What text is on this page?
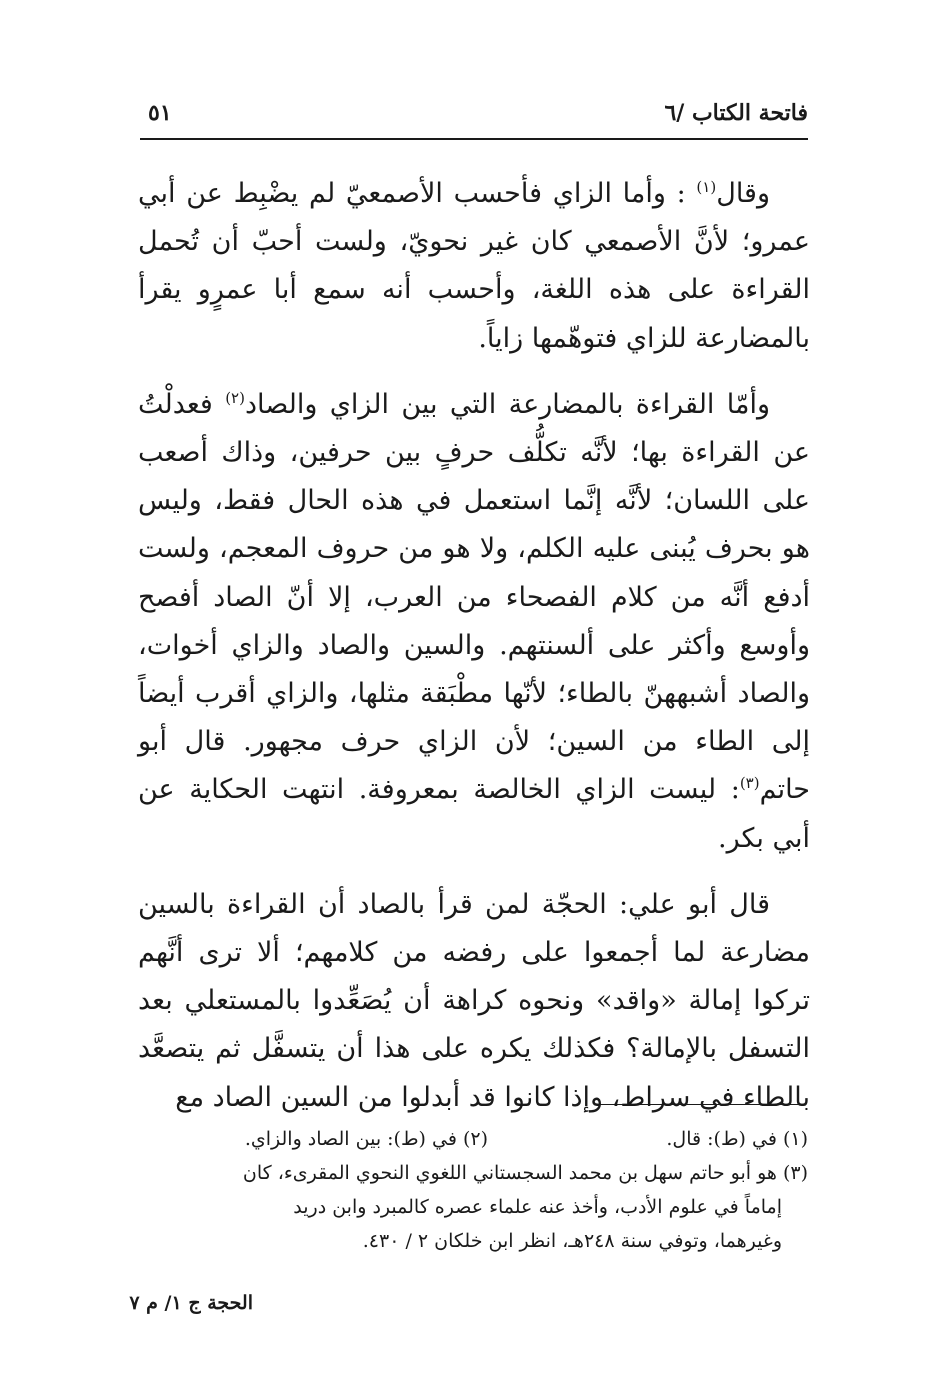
فاتحة الكتاب /٦
٥١

وقال$^{(١)}$ : وأما الزاي فأحسب الأصمعيّ لم يضْبِط عن أبي عمرو؛ لأنَّ الأصمعي كان غير نحويّ، ولست أحبّ أن تُحمل القراءة على هذه اللغة، وأحسب أنه سمع أبا عمرٍو يقرأ بالمضارعة للزاي فتوهّمها زاياً.

وأمّا القراءة بالمضارعة التي بين الزاي والصاد$^{(٢)}$ فعدلْتُ عن القراءة بها؛ لأنَّه تكلُّف حرفٍ بين حرفين، وذاك أصعب على اللسان؛ لأنَّه إنَّما استعمل في هذه الحال فقط، وليس هو بحرف يُبنى عليه الكلم، ولا هو من حروف المعجم، ولست أدفع أنَّه من كلام الفصحاء من العرب، إلا أنّ الصاد أفصح وأوسع وأكثر على ألسنتهم. والسين والصاد والزاي أخوات، والصاد أشبههنّ بالطاء؛ لأنّها مطْبَقة مثلها، والزاي أقرب أيضاً إلى الطاء من السين؛ لأن الزاي حرف مجهور. قال أبو حاتم$^{(٣)}$: ليست الزاي الخالصة بمعروفة. انتهت الحكاية عن أبي بكر.

قال أبو علي: الحجّة لمن قرأ بالصاد أن القراءة بالسين مضارعة لما أجمعوا على رفضه من كلامهم؛ ألا ترى أنَّهم تركوا إمالة «واقد» ونحوه كراهة أن يُصَعِّدوا بالمستعلي بعد التسفل بالإمالة؟ فكذلك يكره على هذا أن يتسفَّل ثم يتصعَّد بالطاء في سراط، وإذا كانوا قد أبدلوا من السين الصاد مع

(١) في (ط): قال.
(٢) في (ط): بين الصاد والزاي.
(٣) هو أبو حاتم سهل بن محمد السجستاني اللغوي النحوي المقرىء، كان
إماماً في علوم الأدب، وأخذ عنه علماء عصره كالمبرد وابن دريد
وغيرهما، وتوفي سنة ٢٤٨هـ، انظر ابن خلكان ٢ / ٤٣٠.
الحجة ج ١/ م ٧
